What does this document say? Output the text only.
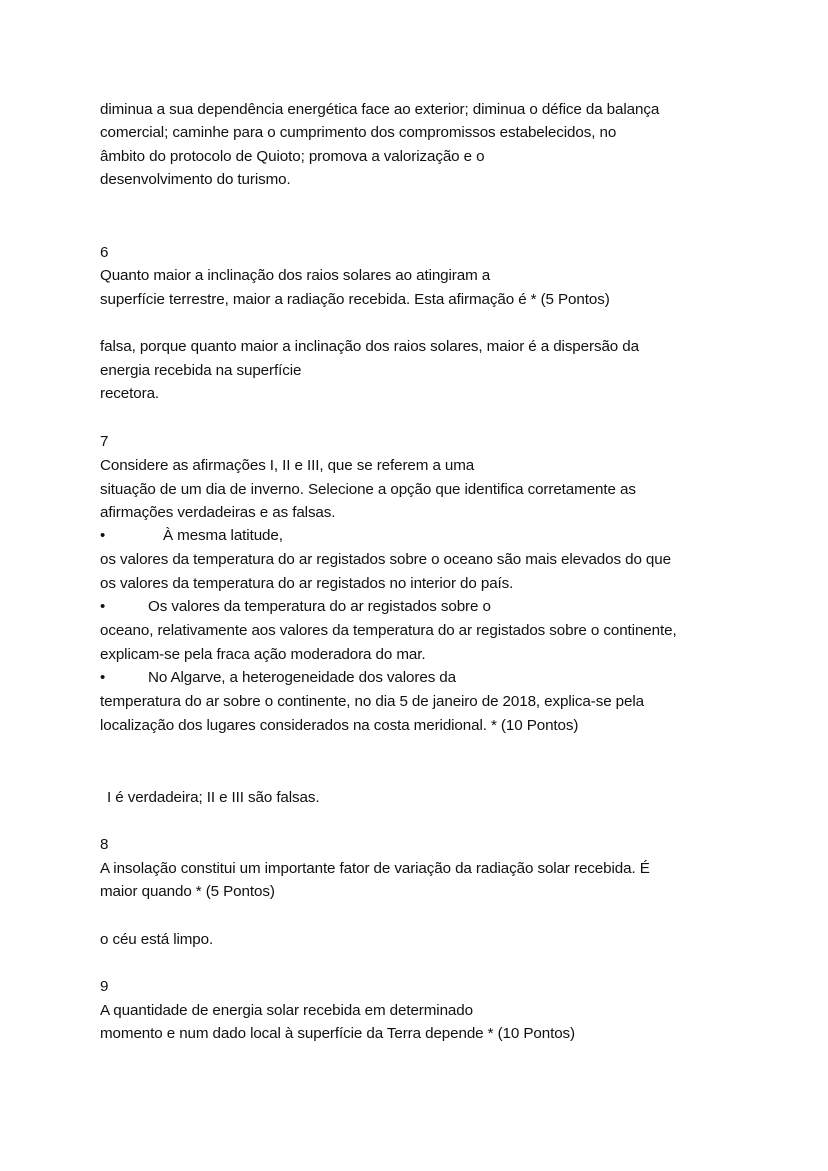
diminua a sua dependência energética face ao exterior; diminua o défice da balança
comercial; caminhe para o cumprimento dos compromissos estabelecidos, no
âmbito do protocolo de Quioto; promova a valorização e o
desenvolvimento do turismo.
6
Quanto maior a inclinação dos raios solares ao atingiram a
superfície terrestre, maior a radiação recebida. Esta afirmação é * (5 Pontos)
falsa, porque quanto maior a inclinação dos raios solares, maior é a dispersão da
energia recebida na superfície
recetora.
7
Considere as afirmações I, II e III, que se referem a uma
situação de um dia de inverno. Selecione a opção que identifica corretamente as
afirmações verdadeiras e as falsas.
•	À mesma latitude,
os valores da temperatura do ar registados sobre o oceano são mais elevados do que
os valores da temperatura do ar registados no interior do país.
•	Os valores da temperatura do ar registados sobre o
oceano, relativamente aos valores da temperatura do ar registados sobre o continente,
explicam-se pela fraca ação moderadora do mar.
•	No Algarve, a heterogeneidade dos valores da
temperatura do ar sobre o continente, no dia 5 de janeiro de 2018, explica-se pela
localização dos lugares considerados na costa meridional. * (10 Pontos)
I é verdadeira; II e III são falsas.
8
A insolação constitui um importante fator de variação da radiação solar recebida. É
maior quando * (5 Pontos)
o céu está limpo.
9
A quantidade de energia solar recebida em determinado
momento e num dado local à superfície da Terra depende * (10 Pontos)
